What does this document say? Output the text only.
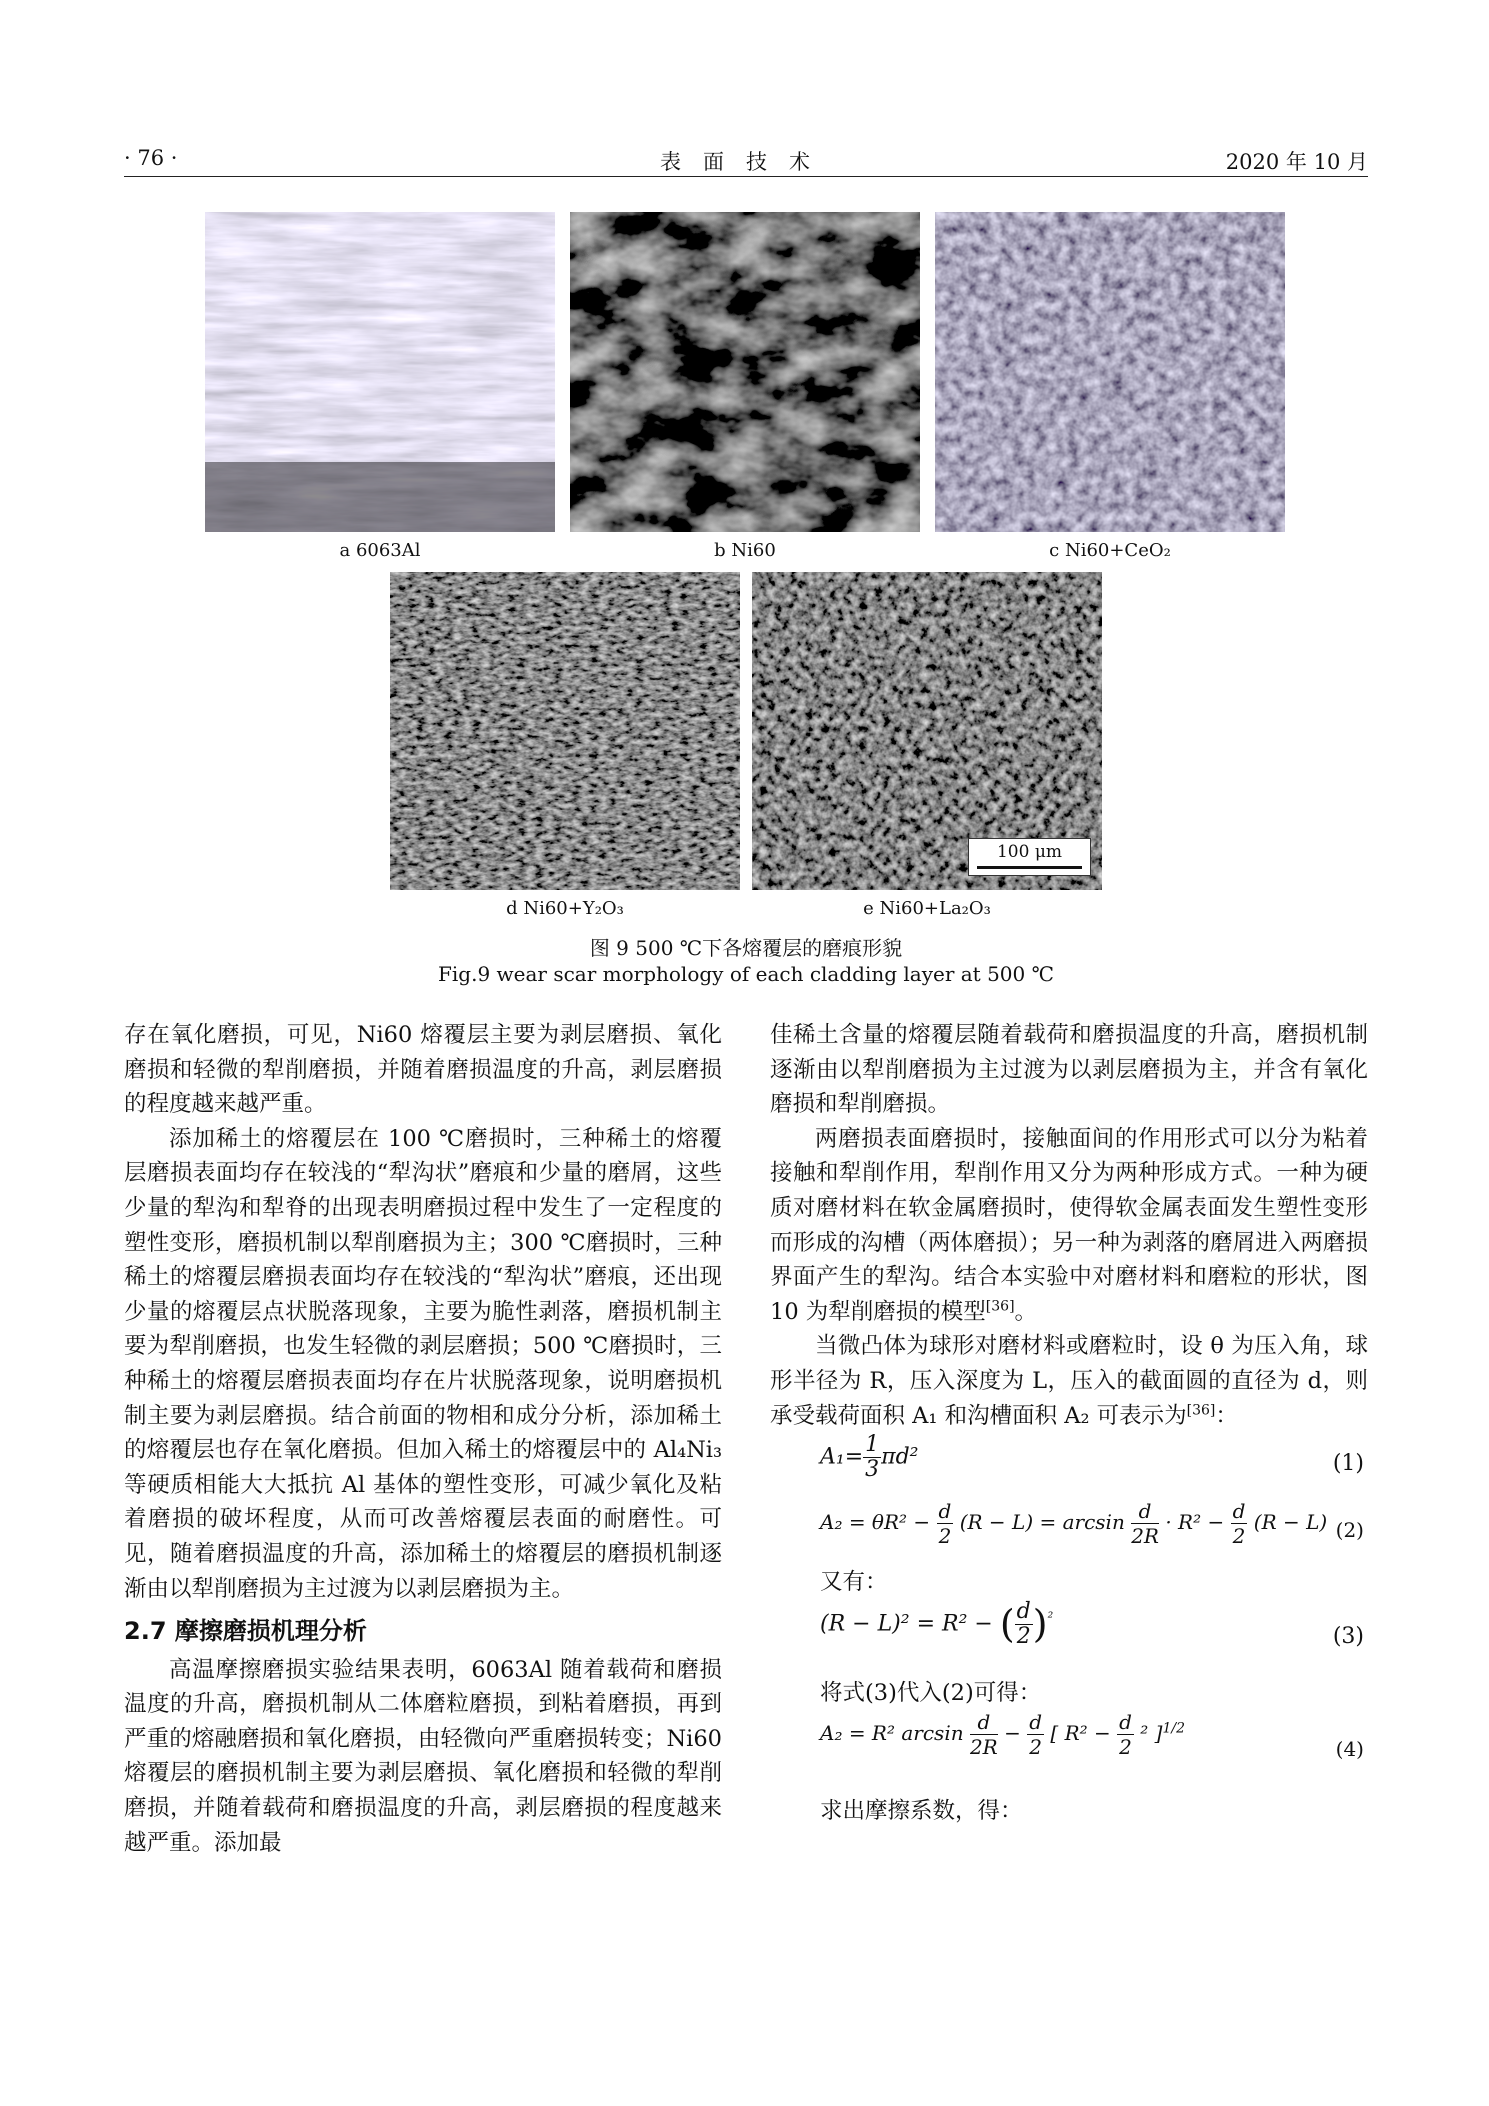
· 76 ·	表面技术	2020 年 10 月
a 6063Al	b Ni60	c Ni60+CeO₂
d Ni60+Y₂O₃
100 μm
e Ni60+La₂O₃
图 9 500 ℃下各熔覆层的磨痕形貌
Fig.9 wear scar morphology of each cladding layer at 500 ℃

存在氧化磨损，可见，Ni60 熔覆层主要为剥层磨损、氧化磨损和轻微的犁削磨损，并随着磨损温度的升高，剥层磨损的程度越来越严重。

添加稀土的熔覆层在 100 ℃磨损时，三种稀土的熔覆层磨损表面均存在较浅的“犁沟状”磨痕和少量的磨屑，这些少量的犁沟和犁脊的出现表明磨损过程中发生了一定程度的塑性变形，磨损机制以犁削磨损为主；300 ℃磨损时，三种稀土的熔覆层磨损表面均存在较浅的“犁沟状”磨痕，还出现少量的熔覆层点状脱落现象，主要为脆性剥落，磨损机制主要为犁削磨损，也发生轻微的剥层磨损；500 ℃磨损时，三种稀土的熔覆层磨损表面均存在片状脱落现象，说明磨损机制主要为剥层磨损。结合前面的物相和成分分析，添加稀土的熔覆层也存在氧化磨损。但加入稀土的熔覆层中的 Al₄Ni₃ 等硬质相能大大抵抗 Al 基体的塑性变形，可减少氧化及粘着磨损的破坏程度，从而可改善熔覆层表面的耐磨性。可见，随着磨损温度的升高，添加稀土的熔覆层的磨损机制逐渐由以犁削磨损为主过渡为以剥层磨损为主。

2.7 摩擦磨损机理分析

高温摩擦磨损实验结果表明，6063Al 随着载荷和磨损温度的升高，磨损机制从二体磨粒磨损，到粘着磨损，再到严重的熔融磨损和氧化磨损，由轻微向严重磨损转变；Ni60 熔覆层的磨损机制主要为剥层磨损、氧化磨损和轻微的犁削磨损，并随着载荷和磨损温度的升高，剥层磨损的程度越来越严重。添加最

佳稀土含量的熔覆层随着载荷和磨损温度的升高，磨损机制逐渐由以犁削磨损为主过渡为以剥层磨损为主，并含有氧化磨损和犁削磨损。

两磨损表面磨损时，接触面间的作用形式可以分为粘着接触和犁削作用，犁削作用又分为两种形成方式。一种为硬质对磨材料在软金属磨损时，使得软金属表面发生塑性变形而形成的沟槽（两体磨损）；另一种为剥落的磨屑进入两磨损界面产生的犁沟。结合本实验中对磨材料和磨粒的形状，图 10 为犁削磨损的模型[36]。

当微凸体为球形对磨材料或磨粒时，设 θ 为压入角，球形半径为 R，压入深度为 L，压入的截面圆的直径为 d，则承受载荷面积 A₁ 和沟槽面积 A₂ 可表示为[36]：

$A_1= \frac{1}{3} \pi d^2$	(1)
$A_2 = \theta R^2 - \frac{d}{2} (R - L) = \arcsin \frac{d}{2R} \cdot R^2 - \frac{d}{2} (R - L)$ (2)

又有：

(R − L)² = R² − ( $\frac{d}{2} )^{^2}$
(3)

将式(3)代入(2)可得：

A₂ = R² $\arcsin \frac{d}{2R} - \frac{d}{2}$ [ $R^2 - \frac{d}{2} ^2$ ]$^{1/2}$
(4)

求出摩擦系数，得：
